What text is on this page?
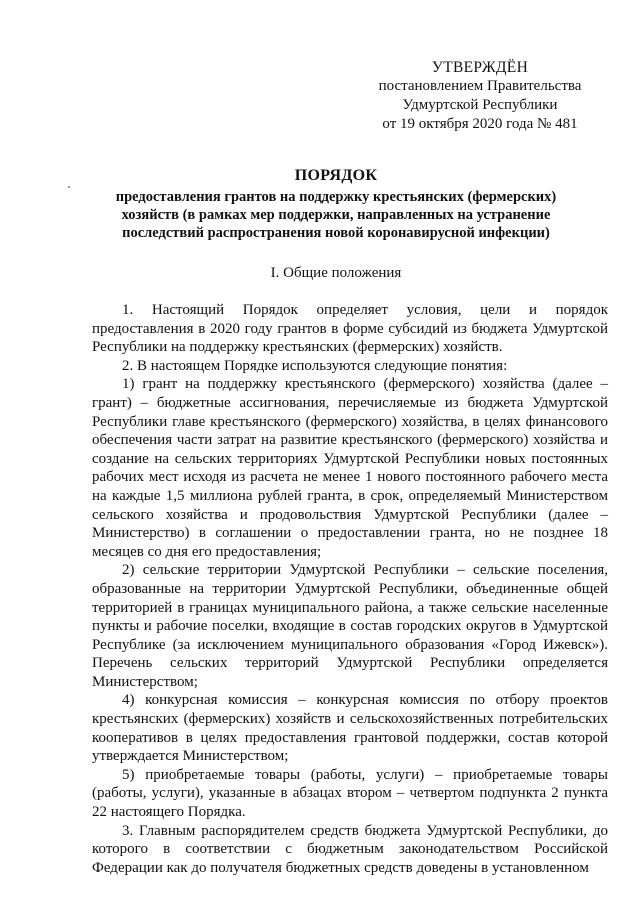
УТВЕРЖДЁН
постановлением Правительства
Удмуртской Республики
от 19 октября 2020 года № 481
ПОРЯДОК
предоставления грантов на поддержку крестьянских (фермерских)
хозяйств (в рамках мер поддержки, направленных на устранение
последствий распространения новой коронавирусной инфекции)
I. Общие положения

1. Настоящий Порядок определяет условия, цели и порядок предоставления в 2020 году грантов в форме субсидий из бюджета Удмуртской Республики на поддержку крестьянских (фермерских) хозяйств.

2. В настоящем Порядке используются следующие понятия:

1) грант на поддержку крестьянского (фермерского) хозяйства (далее – грант) – бюджетные ассигнования, перечисляемые из бюджета Удмуртской Республики главе крестьянского (фермерского) хозяйства, в целях финансового обеспечения части затрат на развитие крестьянского (фермерского) хозяйства и создание на сельских территориях Удмуртской Республики новых постоянных рабочих мест исходя из расчета не менее 1 нового постоянного рабочего места на каждые 1,5 миллиона рублей гранта, в срок, определяемый Министерством сельского хозяйства и продовольствия Удмуртской Республики (далее – Министерство) в соглашении о предоставлении гранта, но не позднее 18 месяцев со дня его предоставления;

2) сельские территории Удмуртской Республики – сельские поселения, образованные на территории Удмуртской Республики, объединенные общей территорией в границах муниципального района, а также сельские населенные пункты и рабочие поселки, входящие в состав городских округов в Удмуртской Республике (за исключением муниципального образования «Город Ижевск»). Перечень сельских территорий Удмуртской Республики определяется Министерством;

4) конкурсная комиссия – конкурсная комиссия по отбору проектов крестьянских (фермерских) хозяйств и сельскохозяйственных потребительских кооперативов в целях предоставления грантовой поддержки, состав которой утверждается Министерством;

5) приобретаемые товары (работы, услуги) – приобретаемые товары (работы, услуги), указанные в абзацах втором – четвертом подпункта 2 пункта 22 настоящего Порядка.

3. Главным распорядителем средств бюджета Удмуртской Республики, до которого в соответствии с бюджетным законодательством Российской Федерации как до получателя бюджетных средств доведены в установленном
